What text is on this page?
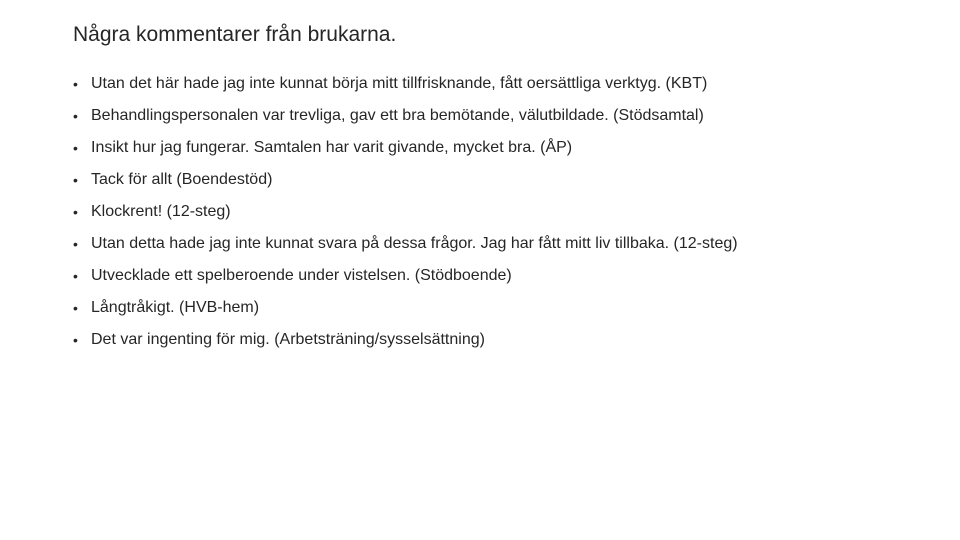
Några kommentarer från brukarna.
• Utan det här hade jag inte kunnat börja mitt tillfrisknande, fått oersättliga verktyg. (KBT)
• Behandlingspersonalen var trevliga, gav ett bra bemötande, välutbildade. (Stödsamtal)
• Insikt hur jag fungerar. Samtalen har varit givande, mycket bra. (ÅP)
• Tack för allt (Boendestöd)
• Klockrent! (12-steg)
• Utan detta hade jag inte kunnat svara på dessa frågor. Jag har fått mitt liv tillbaka. (12-steg)
• Utvecklade ett spelberoende under vistelsen. (Stödboende)
• Långtråkigt. (HVB-hem)
• Det var ingenting för mig. (Arbetsträning/sysselsättning)
